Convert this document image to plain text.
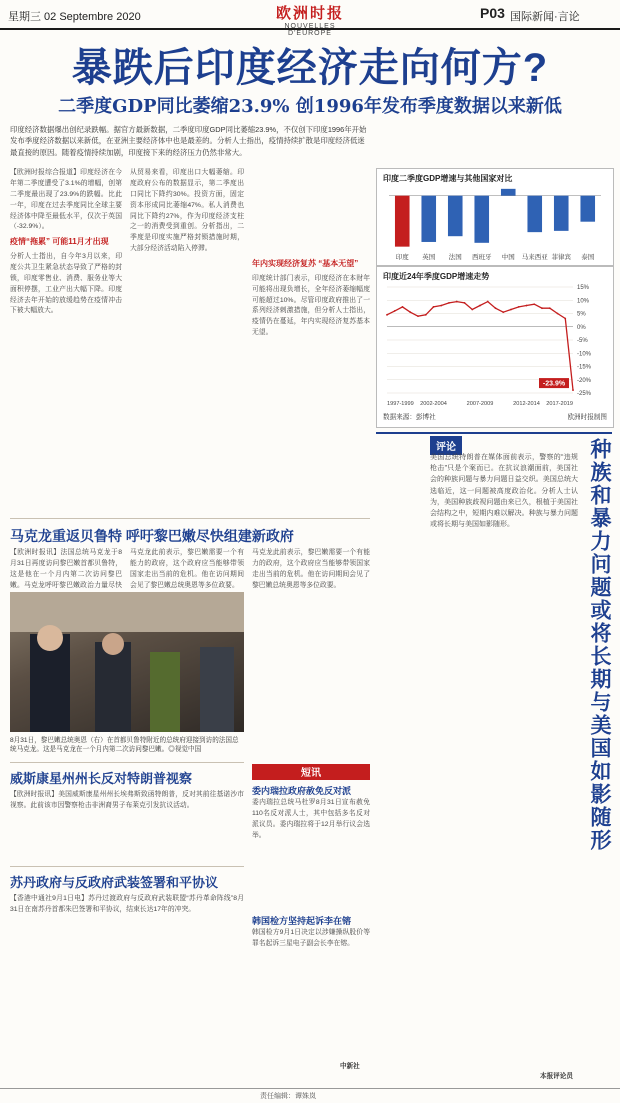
星期三 02 Septembre 2020	欧洲时报
NOUVELLES D'EUROPE
P03 国际新闻·言论
暴跌后印度经济走向何方?
二季度GDP同比萎缩23.9% 创1996年发布季度数据以来新低
印度经济数据爆出创纪录跌幅。据官方最新数据，二季度印度GDP同比萎缩23.9%，不仅创下印度1996年开始发布季度经济数据以来新低，在亚洲主要经济体中也是最差的。分析人士指出，疫情持续扩散是印度经济低迷最直接的原因。随着疫情持续加剧，印度接下来的经济压力仍然非常大。
【欧洲时报综合报道】印度经济在今年第二季度遭受了3.1%的增幅，创第二季度最出现了23.9%的跌幅。比此一年，印度在过去季度同比全球主要经济体中降至最低水平，仅次于英国（-32.9%）。
疫情“拖累” 可能11月才出现
分析人士指出，自今年3月以来，印度公共卫生紧急状态导致了严格的封锁，印度零售业、消费、服务业等大面积停摆，工业产出大幅下降。印度经济去年开始的放缓趋势在疫情冲击下被大幅放大。
从贸易来看，印度出口大幅萎缩。印度政府公布的数据显示，第二季度出口同比下降约30%。投资方面，固定资本形成同比萎缩47%。私人消费也同比下降约27%，作为印度经济支柱之一的消费受到重创。分析指出，二季度是印度实施严格封锁措施时期，大部分经济活动陷入停滞。
年内实现经济复苏 “基本无望”
印度统计部门表示，印度经济在本财年可能将出现负增长，全年经济萎缩幅度可能超过10%。尽管印度政府推出了一系列经济刺激措施，但分析人士指出，疫情仍在蔓延，年内实现经济复苏基本无望。
印度二季度GDP增速与其他国家对比
印度 英国 法国 西班牙 中国 马来西亚 菲律宾 泰国
印度近24年季度GDP增速走势
15%
10%
5%
0%
-5%
-10%
-15%
-20%
-25%
1997-1999 2002-2004	2007-2009	2012-2014 2017-2019
-23.9%
数据来源：彭博社	欧洲时报制图
评论	种族和暴力问题或将长期与美国如影随形
美国总统特朗普在媒体面前表示，警察的“违规枪击”只是个案而已。在抗议浪潮面前，美国社会的种族问题与暴力问题日益交织。美国总统大选临近，这一问题被高度政治化。分析人士认为，美国种族歧视问题由来已久，根植于美国社会结构之中，短期内难以解决。种族与暴力问题或将长期与美国如影随形。
本报评论员
马克龙重返贝鲁特 呼吁黎巴嫩尽快组建新政府
【欧洲时报讯】法国总统马克龙于8月31日再度访问黎巴嫩首都贝鲁特，这是他在一个月内第二次访问黎巴嫩。马克龙呼吁黎巴嫩政治力量尽快
马克龙此前表示，黎巴嫩需要一个有能力的政府，这个政府应当能够带领国家走出当前的危机。他在访问期间会见了黎巴嫩总统奥恩等多位政要。
8月31日，黎巴嫩总统奥恩（右）在首都贝鲁特附近的总统府迎接到访的法国总统马克龙。这是马克龙在一个月内第二次访问黎巴嫩。◎视觉中国
马克龙此前表示，黎巴嫩需要一个有能力的政府，这个政府应当能够带领国家走出当前的危机。他在访问期间会见了黎巴嫩总统奥恩等多位政要。
威斯康星州州长反对特朗普视察
【欧洲时报讯】美国威斯康星州州长埃弗斯致函特朗普，反对其前往基诺沙市视察。此前该市因警察枪击非洲裔男子布莱克引发抗议活动。
苏丹政府与反政府武装签署和平协议
【香港中通社9月1日电】苏丹过渡政府与反政府武装联盟“苏丹革命阵线”8月31日在南苏丹首都朱巴签署和平协议，结束长达17年的冲突。
短讯
委内瑞拉政府赦免反对派
委内瑞拉总统马杜罗8月31日宣布赦免110名反对派人士，其中包括多名反对派议员。委内瑞拉将于12月举行议会选举。
韩国检方坚持起诉李在镕
韩国检方9月1日决定以涉嫌操纵股价等罪名起诉三星电子副会长李在镕。
中新社
责任编辑：谭姝岚
